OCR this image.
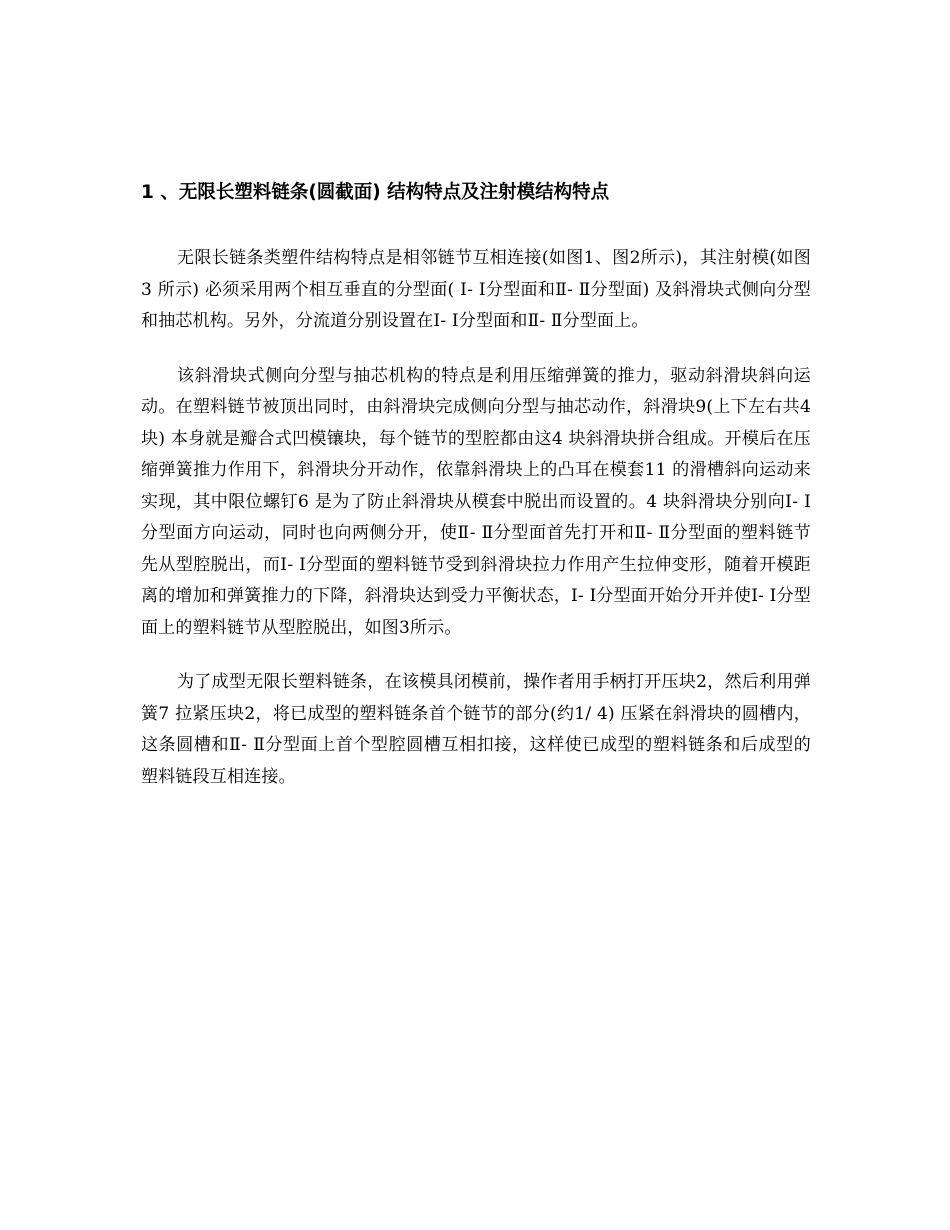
1 、无限长塑料链条(圆截面) 结构特点及注射模结构特点

无限长链条类塑件结构特点是相邻链节互相连接(如图1、图2所示)，其注射模(如图3 所示) 必须采用两个相互垂直的分型面( Ⅰ- Ⅰ分型面和Ⅱ- Ⅱ分型面) 及斜滑块式侧向分型和抽芯机构。另外，分流道分别设置在Ⅰ- Ⅰ分型面和Ⅱ- Ⅱ分型面上。

该斜滑块式侧向分型与抽芯机构的特点是利用压缩弹簧的推力，驱动斜滑块斜向运动。在塑料链节被顶出同时，由斜滑块完成侧向分型与抽芯动作，斜滑块9(上下左右共4 块) 本身就是瓣合式凹模镶块，每个链节的型腔都由这4 块斜滑块拼合组成。开模后在压缩弹簧推力作用下，斜滑块分开动作，依靠斜滑块上的凸耳在模套11 的滑槽斜向运动来实现，其中限位螺钉6 是为了防止斜滑块从模套中脱出而设置的。4 块斜滑块分别向Ⅰ- Ⅰ分型面方向运动，同时也向两侧分开，使Ⅱ- Ⅱ分型面首先打开和Ⅱ- Ⅱ分型面的塑料链节先从型腔脱出，而Ⅰ- Ⅰ分型面的塑料链节受到斜滑块拉力作用产生拉伸变形，随着开模距离的增加和弹簧推力的下降，斜滑块达到受力平衡状态，Ⅰ- Ⅰ分型面开始分开并使Ⅰ- Ⅰ分型面上的塑料链节从型腔脱出，如图3所示。

为了成型无限长塑料链条，在该模具闭模前，操作者用手柄打开压块2，然后利用弹簧7 拉紧压块2，将已成型的塑料链条首个链节的部分(约1/ 4) 压紧在斜滑块的圆槽内，这条圆槽和Ⅱ- Ⅱ分型面上首个型腔圆槽互相扣接，这样使已成型的塑料链条和后成型的塑料链段互相连接。
